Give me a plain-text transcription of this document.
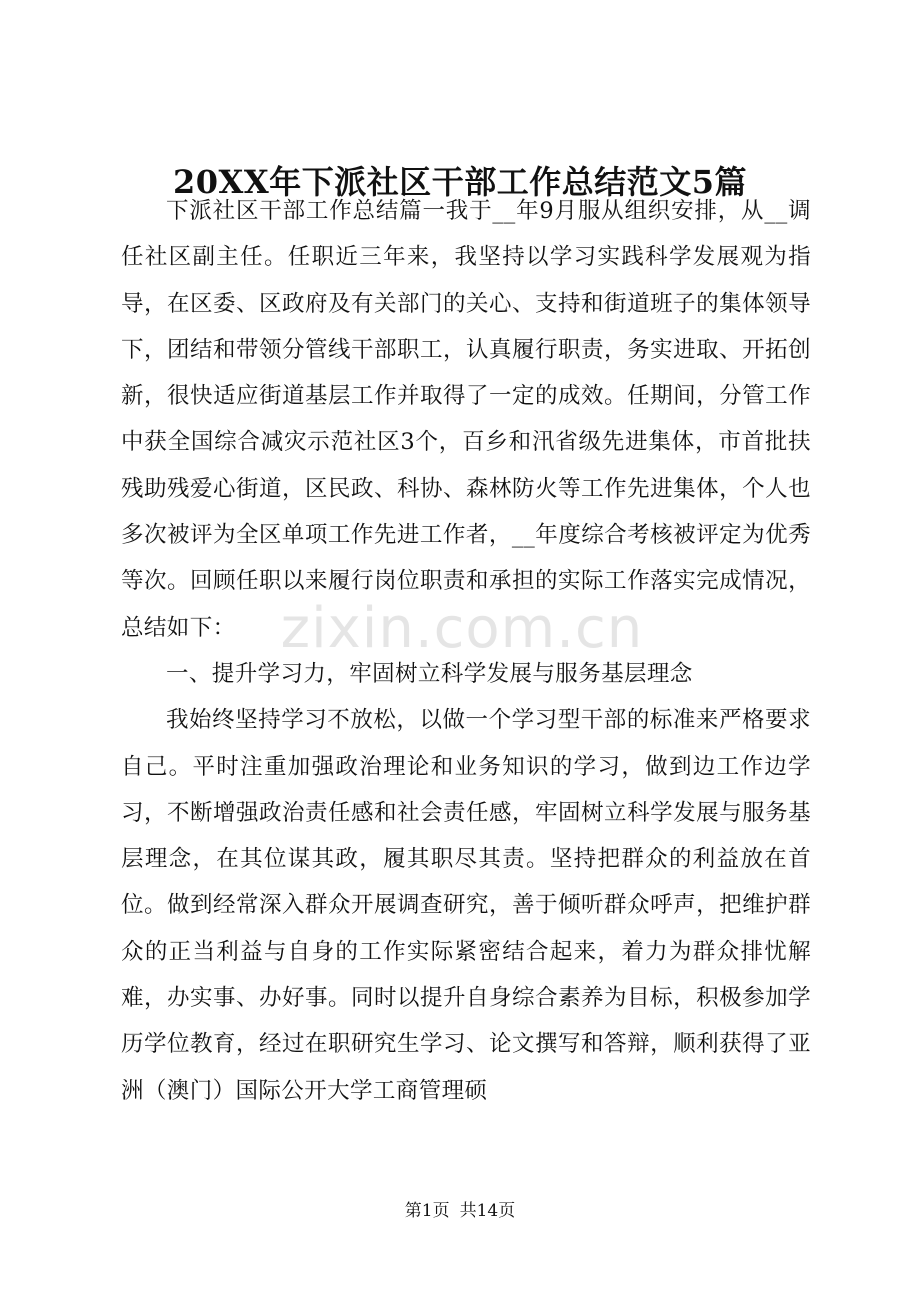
20XX年下派社区干部工作总结范文5篇

下派社区干部工作总结篇一我于__年9月服从组织安排，从__调任社区副主任。任职近三年来，我坚持以学习实践科学发展观为指导，在区委、区政府及有关部门的关心、支持和街道班子的集体领导下，团结和带领分管线干部职工，认真履行职责，务实进取、开拓创新，很快适应街道基层工作并取得了一定的成效。任期间，分管工作中获全国综合减灾示范社区3个，百乡和汛省级先进集体，市首批扶残助残爱心街道，区民政、科协、森林防火等工作先进集体，个人也多次被评为全区单项工作先进工作者，__年度综合考核被评定为优秀等次。回顾任职以来履行岗位职责和承担的实际工作落实完成情况，总结如下：

一、提升学习力，牢固树立科学发展与服务基层理念

我始终坚持学习不放松，以做一个学习型干部的标准来严格要求自己。平时注重加强政治理论和业务知识的学习，做到边工作边学习，不断增强政治责任感和社会责任感，牢固树立科学发展与服务基层理念，在其位谋其政，履其职尽其责。坚持把群众的利益放在首位。做到经常深入群众开展调查研究，善于倾听群众呼声，把维护群众的正当利益与自身的工作实际紧密结合起来，着力为群众排忧解难，办实事、办好事。同时以提升自身综合素养为目标，积极参加学历学位教育，经过在职研究生学习、论文撰写和答辩，顺利获得了亚洲（澳门）国际公开大学工商管理硕

zixin.com.cn
第1页 共14页
